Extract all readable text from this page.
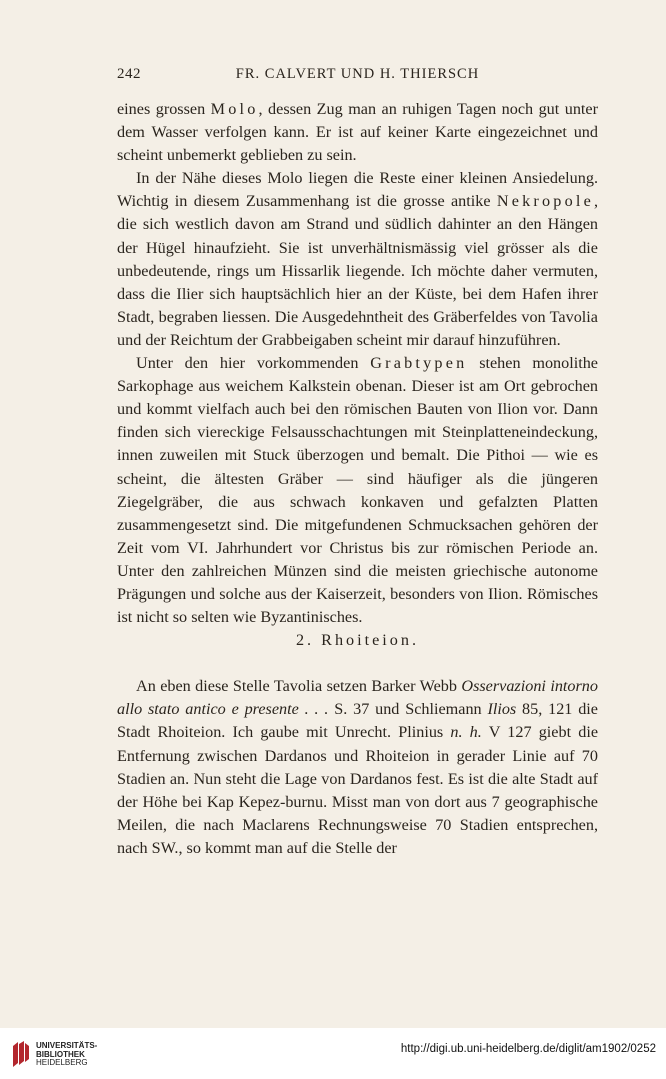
242	FR. CALVERT UND H. THIERSCH

eines grossen Molo, dessen Zug man an ruhigen Tagen noch gut unter dem Wasser verfolgen kann. Er ist auf keiner Karte eingezeichnet und scheint unbemerkt geblieben zu sein.

In der Nähe dieses Molo liegen die Reste einer kleinen Ansiedelung. Wichtig in diesem Zusammenhang ist die grosse antike Nekropole, die sich westlich davon am Strand und südlich dahinter an den Hängen der Hügel hinaufzieht. Sie ist unverhältnismässig viel grösser als die unbedeutende, rings um Hissarlik liegende. Ich möchte daher vermuten, dass die Ilier sich hauptsächlich hier an der Küste, bei dem Hafen ihrer Stadt, begraben liessen. Die Ausgedehntheit des Gräberfeldes von Tavolia und der Reichtum der Grabbeigaben scheint mir darauf hinzuführen.

Unter den hier vorkommenden Grabtypen stehen monolithe Sarkophage aus weichem Kalkstein obenan. Dieser ist am Ort gebrochen und kommt vielfach auch bei den römischen Bauten von Ilion vor. Dann finden sich viereckige Felsausschachtungen mit Steinplatteneindeckung, innen zuweilen mit Stuck überzogen und bemalt. Die Pithoi — wie es scheint, die ältesten Gräber — sind häufiger als die jüngeren Ziegelgräber, die aus schwach konkaven und gefalzten Platten zusammengesetzt sind. Die mitgefundenen Schmucksachen gehören der Zeit vom VI. Jahrhundert vor Christus bis zur römischen Periode an. Unter den zahlreichen Münzen sind die meisten griechische autonome Prägungen und solche aus der Kaiserzeit, besonders von Ilion. Römisches ist nicht so selten wie Byzantinisches.

2. Rhoiteion.

An eben diese Stelle Tavolia setzen Barker Webb Osservazioni intorno allo stato antico e presente . . . S. 37 und Schliemann Ilios 85, 121 die Stadt Rhoiteion. Ich gaube mit Unrecht. Plinius n. h. V 127 giebt die Entfernung zwischen Dardanos und Rhoiteion in gerader Linie auf 70 Stadien an. Nun steht die Lage von Dardanos fest. Es ist die alte Stadt auf der Höhe bei Kap Kepez-burnu. Misst man von dort aus 7 geographische Meilen, die nach Maclarens Rechnungsweise 70 Stadien entsprechen, nach SW., so kommt man auf die Stelle der

UNIVERSITÄTS-
BIBLIOTHEK
HEIDELBERG
http://digi.ub.uni-heidelberg.de/diglit/am1902/0252
